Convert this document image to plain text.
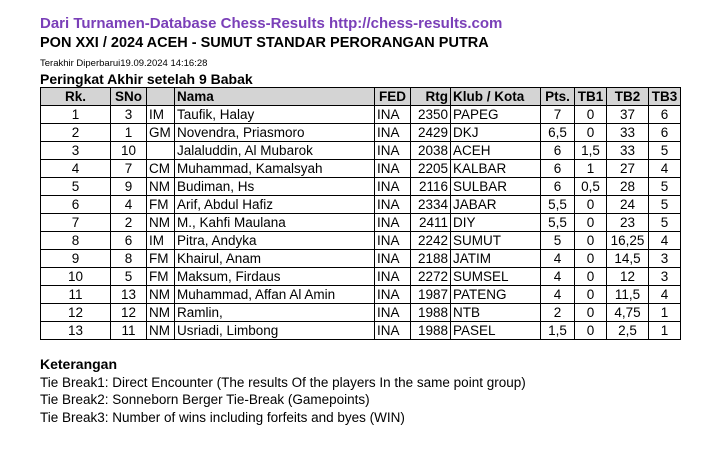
Dari Turnamen-Database Chess-Results http://chess-results.com
PON XXI / 2024 ACEH - SUMUT STANDAR PERORANGAN PUTRA
Terakhir Diperbarui19.09.2024 14:16:28
Peringkat Akhir setelah 9 Babak
Rk.	SNo		Nama	FED	Rtg	Klub / Kota	Pts.	TB1	TB2	TB3
1	3	IM	Taufik, Halay	INA	2350	PAPEG	7	0	37	6
2	1	GM	Novendra, Priasmoro	INA	2429	DKJ	6,5	0	33	6
3	10		Jalaluddin, Al Mubarok	INA	2038	ACEH	6	1,5	33	5
4	7	CM	Muhammad, Kamalsyah	INA	2205	KALBAR	6	1	27	4
5	9	NM	Budiman, Hs	INA	2116	SULBAR	6	0,5	28	5
6	4	FM	Arif, Abdul Hafiz	INA	2334	JABAR	5,5	0	24	5
7	2	NM	M., Kahfi Maulana	INA	2411	DIY	5,5	0	23	5
8	6	IM	Pitra, Andyka	INA	2242	SUMUT	5	0	16,25	4
9	8	FM	Khairul, Anam	INA	2188	JATIM	4	0	14,5	3
10	5	FM	Maksum, Firdaus	INA	2272	SUMSEL	4	0	12	3
11	13	NM	Muhammad, Affan Al Amin	INA	1987	PATENG	4	0	11,5	4
12	12	NM	Ramlin,	INA	1988	NTB	2	0	4,75	1
13	11	NM	Usriadi, Limbong	INA	1988	PASEL	1,5	0	2,5	1
Keterangan
Tie Break1: Direct Encounter (The results Of the players In the same point group)
Tie Break2: Sonneborn Berger Tie-Break (Gamepoints)
Tie Break3: Number of wins including forfeits and byes (WIN)
